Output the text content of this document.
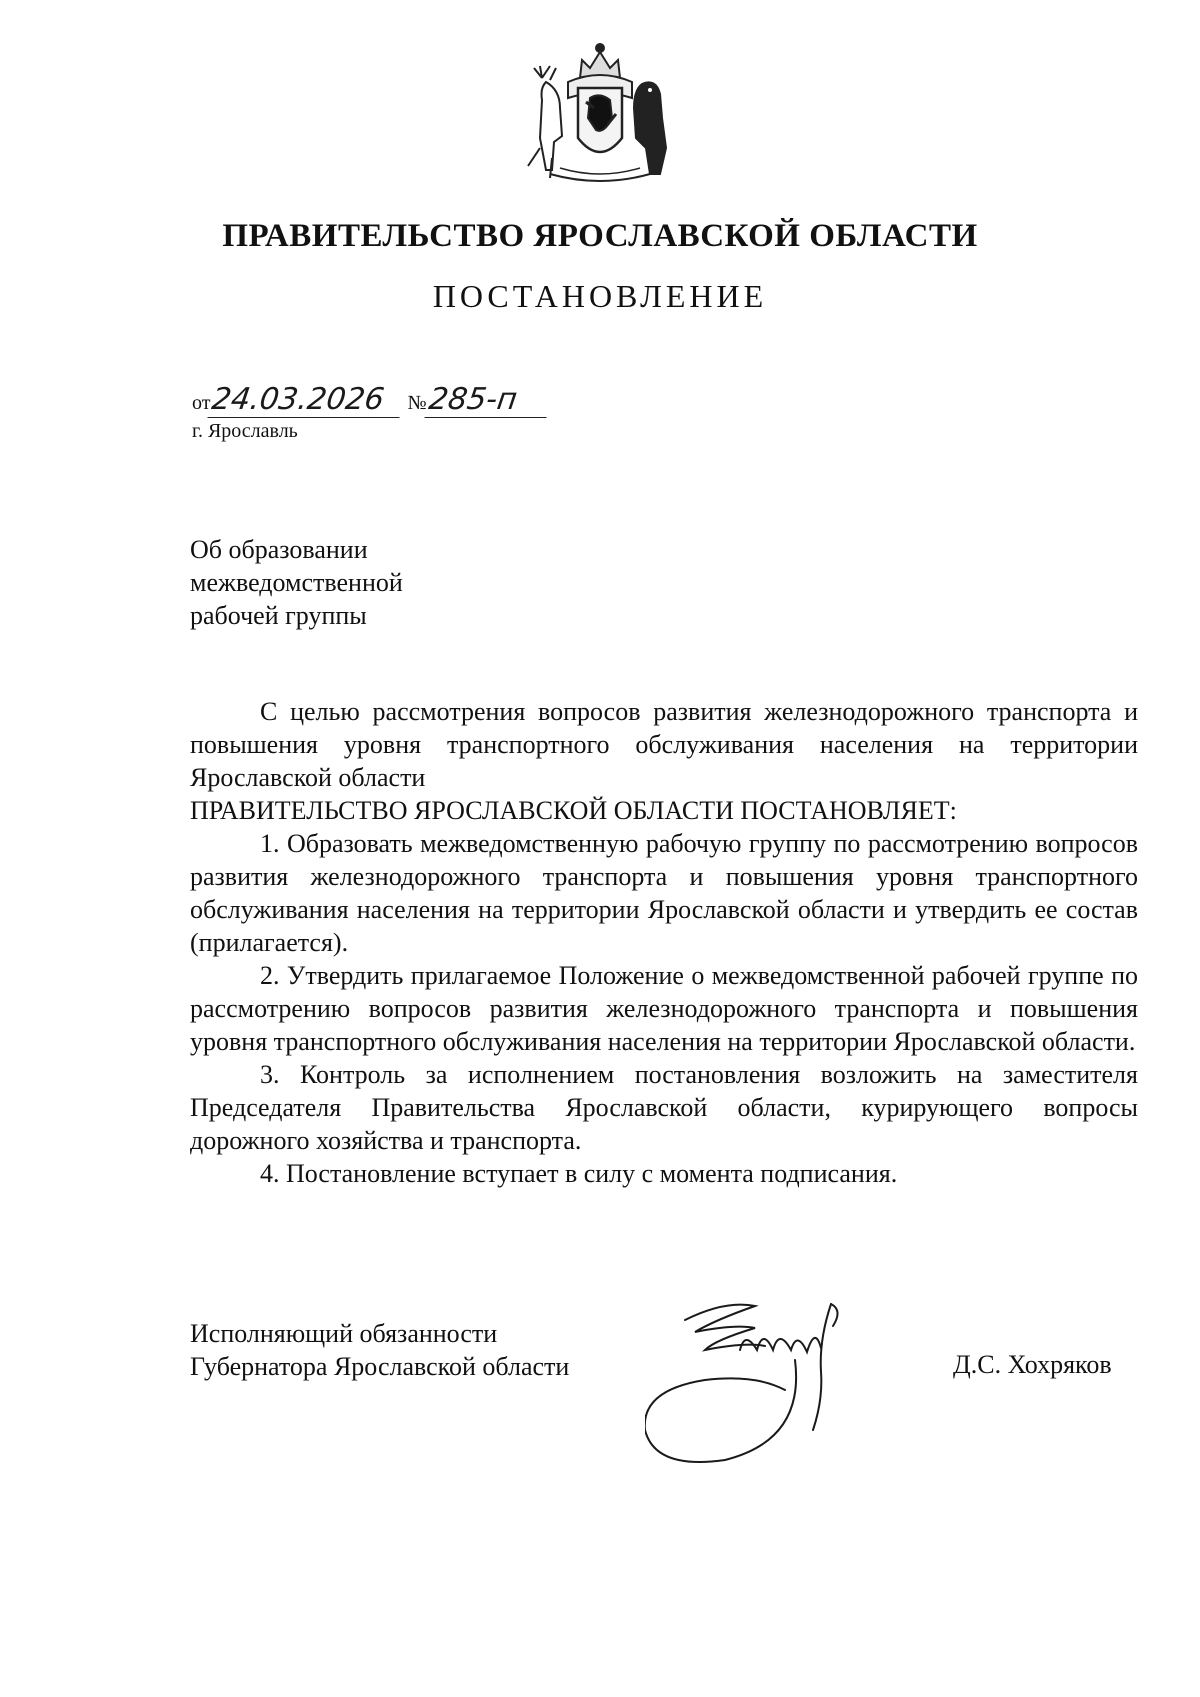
ПРАВИТЕЛЬСТВО ЯРОСЛАВСКОЙ ОБЛАСТИ
ПОСТАНОВЛЕНИЕ
от24.03.2026 №285-п
г. Ярославль
Об образовании
межведомственной
рабочей группы

С целью рассмотрения вопросов развития железнодорожного транспорта и повышения уровня транспортного обслуживания населения на территории Ярославской области

ПРАВИТЕЛЬСТВО ЯРОСЛАВСКОЙ ОБЛАСТИ ПОСТАНОВЛЯЕТ:

1. Образовать межведомственную рабочую группу по рассмотрению вопросов развития железнодорожного транспорта и повышения уровня транспортного обслуживания населения на территории Ярославской области и утвердить ее состав (прилагается).

2. Утвердить прилагаемое Положение о межведомственной рабочей группе по рассмотрению вопросов развития железнодорожного транспорта и повышения уровня транспортного обслуживания населения на территории Ярославской области.

3. Контроль за исполнением постановления возложить на заместителя Председателя Правительства Ярославской области, курирующего вопросы дорожного хозяйства и транспорта.

4. Постановление вступает в силу с момента подписания.

Исполняющий обязанности
Губернатора Ярославской области	Д.С. Хохряков
